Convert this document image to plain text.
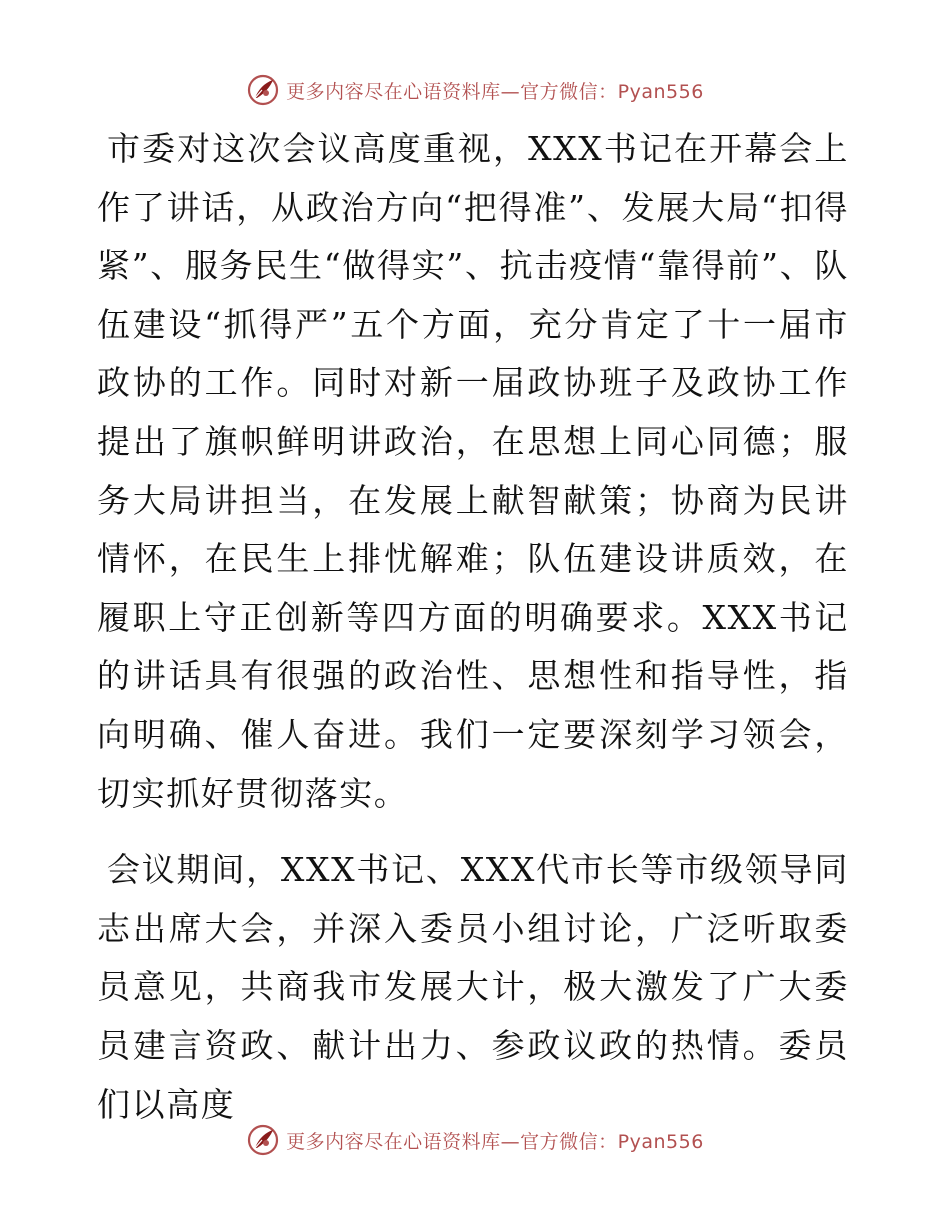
更多内容尽在心语资料库—官方微信：Pyan556

市委对这次会议高度重视，XXX书记在开幕会上作了讲话，从政治方向“把得准”、发展大局“扣得紧”、服务民生“做得实”、抗击疫情“靠得前”、队伍建设“抓得严”五个方面，充分肯定了十一届市政协的工作。同时对新一届政协班子及政协工作提出了旗帜鲜明讲政治，在思想上同心同德；服务大局讲担当，在发展上献智献策；协商为民讲情怀，在民生上排忧解难；队伍建设讲质效，在履职上守正创新等四方面的明确要求。XXX书记的讲话具有很强的政治性、思想性和指导性，指向明确、催人奋进。我们一定要深刻学习领会，切实抓好贯彻落实。

会议期间，XXX书记、XXX代市长等市级领导同志出席大会，并深入委员小组讨论，广泛听取委员意见，共商我市发展大计，极大激发了广大委员建言资政、献计出力、参政议政的热情。委员们以高度

更多内容尽在心语资料库—官方微信：Pyan556
